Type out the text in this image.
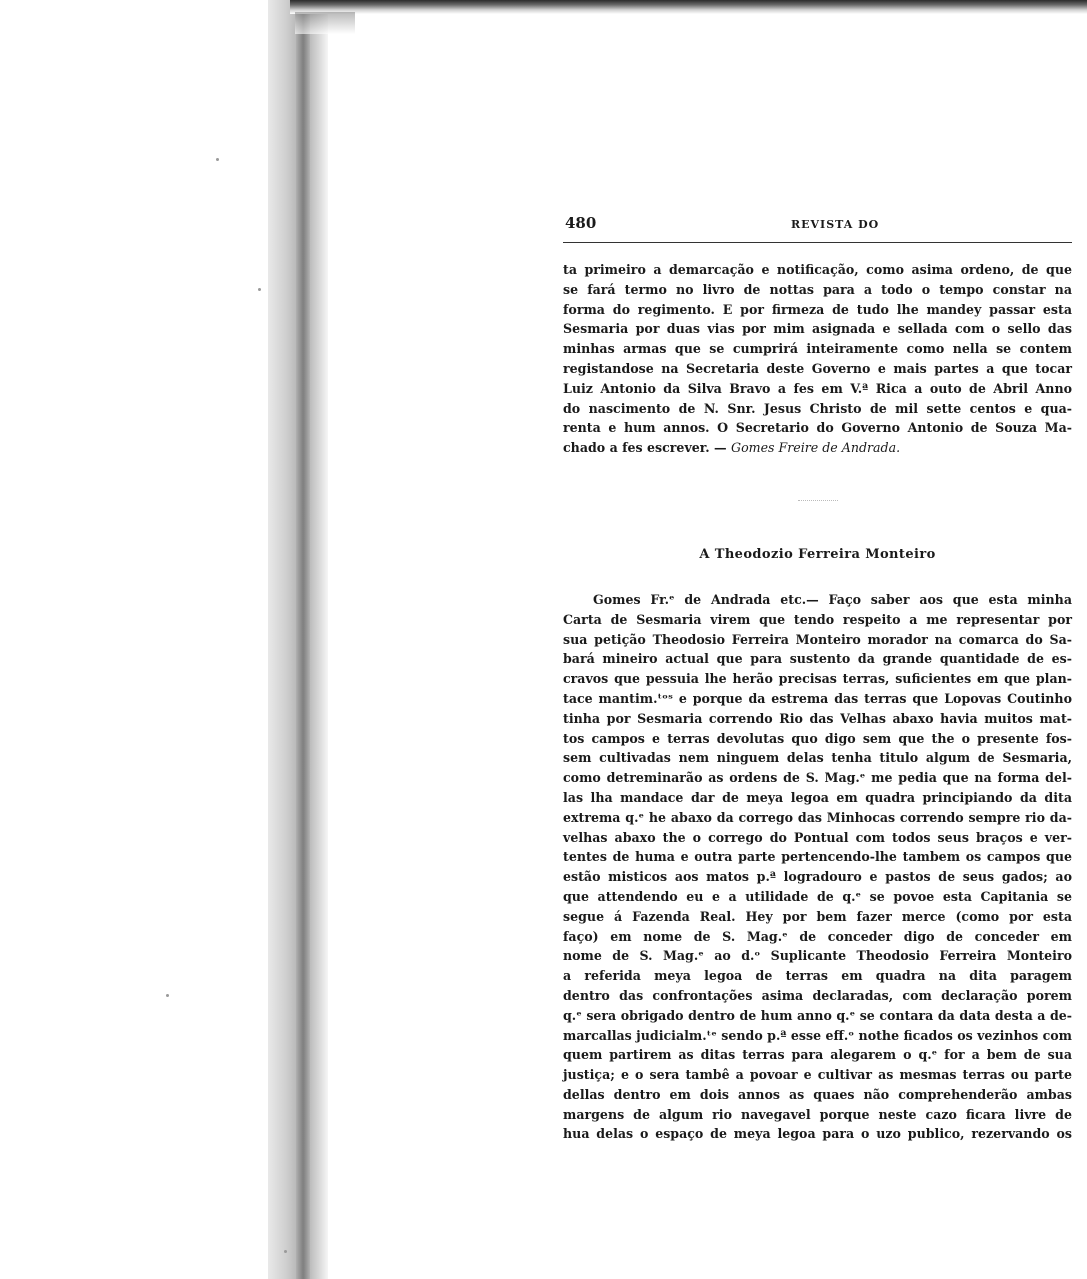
480	REVISTA DO

ta primeiro a demarcação e notificação, como asima ordeno, de que
se fará termo no livro de nottas para a todo o tempo constar na
forma do regimento. E por firmeza de tudo lhe mandey passar esta
Sesmaria por duas vias por mim asignada e sellada com o sello das
minhas armas que se cumprirá inteiramente como nella se contem
registandose na Secretaria deste Governo e mais partes a que tocar
Luiz Antonio da Silva Bravo a fes em V.ª Rica a outo de Abril Anno
do nascimento de N. Snr. Jesus Christo de mil sette centos e qua-
renta e hum annos. O Secretario do Governo Antonio de Souza Ma-
chado a fes escrever. — Gomes Freire de Andrada.

A Theodozio Ferreira Monteiro

Gomes Fr.ᵉ de Andrada etc.— Faço saber aos que esta minha
Carta de Sesmaria virem que tendo respeito a me representar por
sua petição Theodosio Ferreira Monteiro morador na comarca do Sa-
bará mineiro actual que para sustento da grande quantidade de es-
cravos que pessuia lhe herão precisas terras, suficientes em que plan-
tace mantim.ᵗᵒˢ e porque da estrema das terras que Lopovas Coutinho
tinha por Sesmaria correndo Rio das Velhas abaxo havia muitos mat-
tos campos e terras devolutas quo digo sem que the o presente fos-
sem cultivadas nem ninguem delas tenha titulo algum de Sesmaria,
como detreminarão as ordens de S. Mag.ᵉ me pedia que na forma del-
las lha mandace dar de meya legoa em quadra principiando da dita
extrema q.ᵉ he abaxo da corrego das Minhocas correndo sempre rio da-
velhas abaxo the o corrego do Pontual com todos seus braços e ver-
tentes de huma e outra parte pertencendo-lhe tambem os campos que
estão misticos aos matos p.ª logradouro e pastos de seus gados; ao
que attendendo eu e a utilidade de q.ᵉ se povoe esta Capitania se
segue á Fazenda Real. Hey por bem fazer merce (como por esta
faço) em nome de S. Mag.ᵉ de conceder digo de conceder em
nome de S. Mag.ᵉ ao d.ᵒ Suplicante Theodosio Ferreira Monteiro
a referida meya legoa de terras em quadra na dita paragem
dentro das confrontações asima declaradas, com declaração porem
q.ᵉ sera obrigado dentro de hum anno q.ᵉ se contara da data desta a de-
marcallas judicialm.ᵗᵉ sendo p.ª esse eff.ᵒ nothe ficados os vezinhos com
quem partirem as ditas terras para alegarem o q.ᵉ for a bem de sua
justiça; e o sera tambê a povoar e cultivar as mesmas terras ou parte
dellas dentro em dois annos as quaes não comprehenderão ambas
margens de algum rio navegavel porque neste cazo ficara livre de
hua delas o espaço de meya legoa para o uzo publico, rezervando os
